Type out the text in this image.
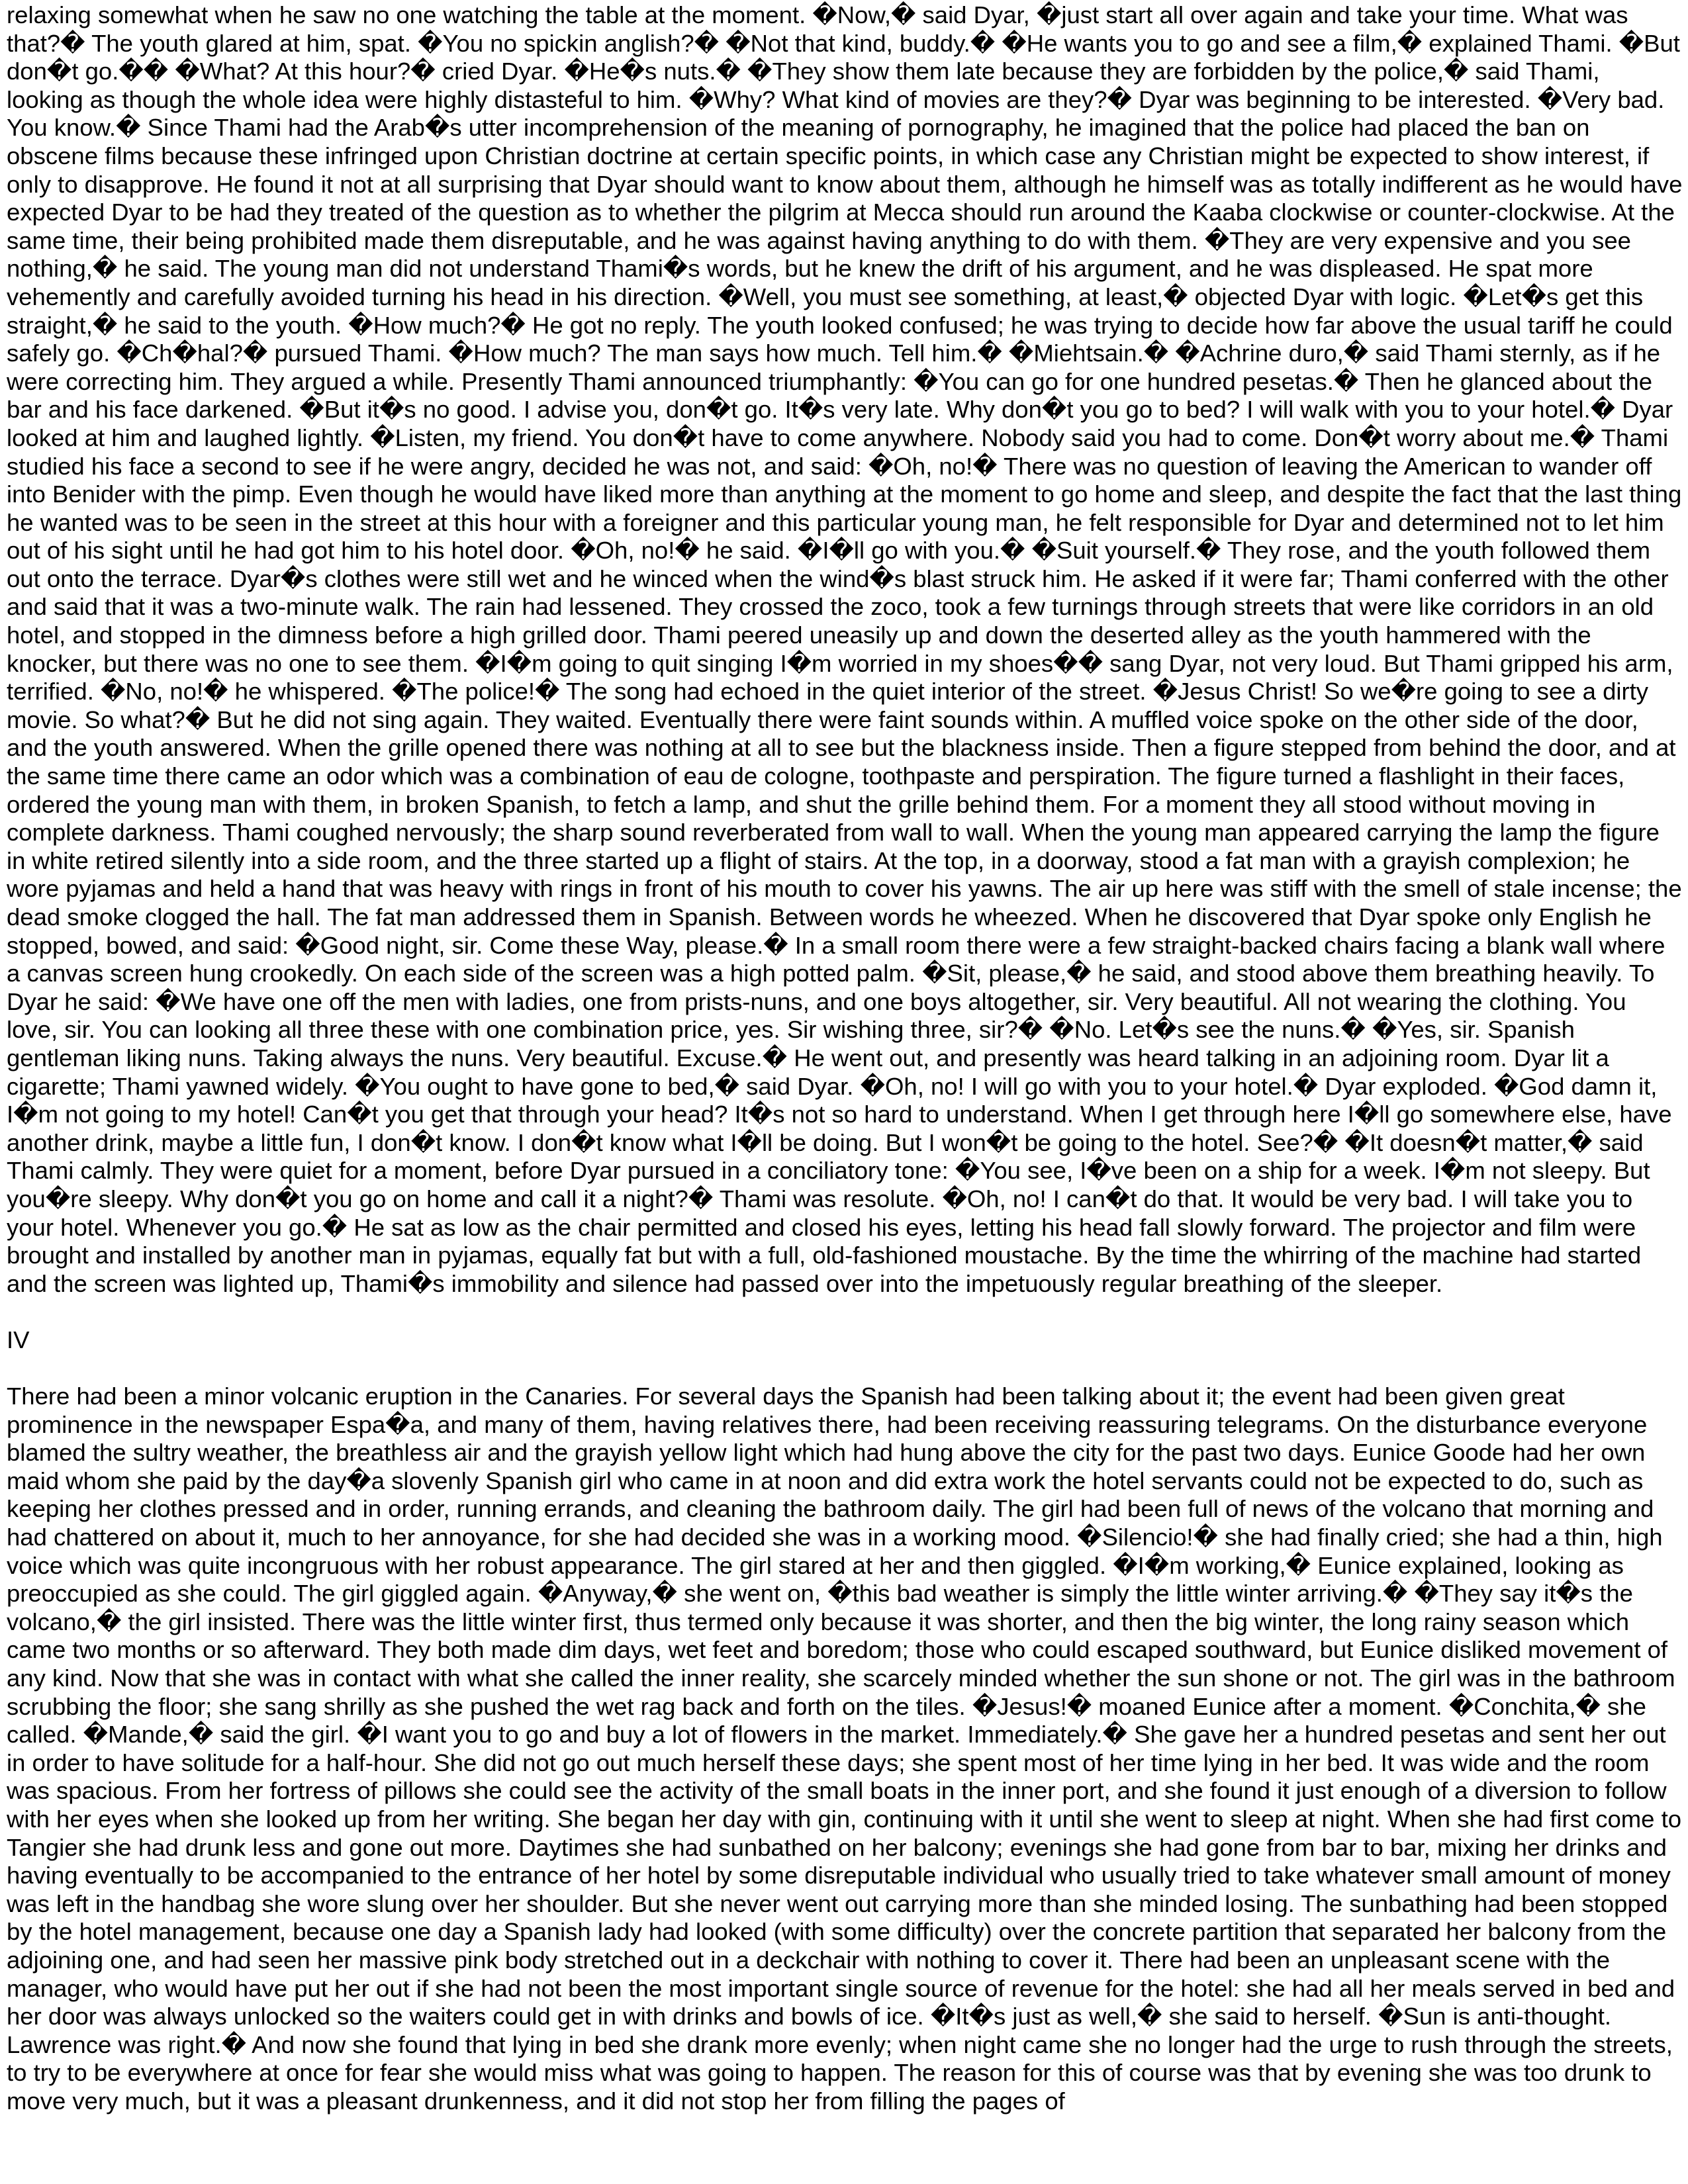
relaxing somewhat when he saw no one watching the table at the moment. �Now,� said Dyar, �just start all over again and take your time. What was that?� The youth glared at him, spat. �You no spickin anglish?� �Not that kind, buddy.� �He wants you to go and see a film,� explained Thami. �But don�t go.�� �What? At this hour?� cried Dyar. �He�s nuts.� �They show them late because they are forbidden by the police,� said Thami, looking as though the whole idea were highly distasteful to him. �Why? What kind of movies are they?� Dyar was beginning to be interested. �Very bad. You know.� Since Thami had the Arab�s utter incomprehension of the meaning of pornography, he imagined that the police had placed the ban on obscene films because these infringed upon Christian doctrine at certain specific points, in which case any Christian might be expected to show interest, if only to disapprove. He found it not at all surprising that Dyar should want to know about them, although he himself was as totally indifferent as he would have expected Dyar to be had they treated of the question as to whether the pilgrim at Mecca should run around the Kaaba clockwise or counter-clockwise. At the same time, their being prohibited made them disreputable, and he was against having anything to do with them. �They are very expensive and you see nothing,� he said. The young man did not understand Thami�s words, but he knew the drift of his argument, and he was displeased. He spat more vehemently and carefully avoided turning his head in his direction. �Well, you must see something, at least,� objected Dyar with logic. �Let�s get this straight,� he said to the youth. �How much?� He got no reply. The youth looked confused; he was trying to decide how far above the usual tariff he could safely go. �Ch�hal?� pursued Thami. �How much? The man says how much. Tell him.� �Miehtsain.� �Achrine duro,� said Thami sternly, as if he were correcting him. They argued a while. Presently Thami announced triumphantly: �You can go for one hundred pesetas.� Then he glanced about the bar and his face darkened. �But it�s no good. I advise you, don�t go. It�s very late. Why don�t you go to bed? I will walk with you to your hotel.� Dyar looked at him and laughed lightly. �Listen, my friend. You don�t have to come anywhere. Nobody said you had to come. Don�t worry about me.� Thami studied his face a second to see if he were angry, decided he was not, and said: �Oh, no!� There was no question of leaving the American to wander off into Benider with the pimp. Even though he would have liked more than anything at the moment to go home and sleep, and despite the fact that the last thing he wanted was to be seen in the street at this hour with a foreigner and this particular young man, he felt responsible for Dyar and determined not to let him out of his sight until he had got him to his hotel door. �Oh, no!� he said. �I�ll go with you.� �Suit yourself.� They rose, and the youth followed them out onto the terrace. Dyar�s clothes were still wet and he winced when the wind�s blast struck him. He asked if it were far; Thami conferred with the other and said that it was a two-minute walk. The rain had lessened. They crossed the zoco, took a few turnings through streets that were like corridors in an old hotel, and stopped in the dimness before a high grilled door. Thami peered uneasily up and down the deserted alley as the youth hammered with the knocker, but there was no one to see them. �I�m going to quit singing I�m worried in my shoes�� sang Dyar, not very loud. But Thami gripped his arm, terrified. �No, no!� he whispered. �The police!� The song had echoed in the quiet interior of the street. �Jesus Christ! So we�re going to see a dirty movie. So what?� But he did not sing again. They waited. Eventually there were faint sounds within. A muffled voice spoke on the other side of the door, and the youth answered. When the grille opened there was nothing at all to see but the blackness inside. Then a figure stepped from behind the door, and at the same time there came an odor which was a combination of eau de cologne, toothpaste and perspiration. The figure turned a flashlight in their faces, ordered the young man with them, in broken Spanish, to fetch a lamp, and shut the grille behind them. For a moment they all stood without moving in complete darkness. Thami coughed nervously; the sharp sound reverberated from wall to wall. When the young man appeared carrying the lamp the figure in white retired silently into a side room, and the three started up a flight of stairs. At the top, in a doorway, stood a fat man with a grayish complexion; he wore pyjamas and held a hand that was heavy with rings in front of his mouth to cover his yawns. The air up here was stiff with the smell of stale incense; the dead smoke clogged the hall. The fat man addressed them in Spanish. Between words he wheezed. When he discovered that Dyar spoke only English he stopped, bowed, and said: �Good night, sir. Come these Way, please.� In a small room there were a few straight-backed chairs facing a blank wall where a canvas screen hung crookedly. On each side of the screen was a high potted palm. �Sit, please,� he said, and stood above them breathing heavily. To Dyar he said: �We have one off the men with ladies, one from prists-nuns, and one boys altogether, sir. Very beautiful. All not wearing the clothing. You love, sir. You can looking all three these with one combination price, yes. Sir wishing three, sir?� �No. Let�s see the nuns.� �Yes, sir. Spanish gentleman liking nuns. Taking always the nuns. Very beautiful. Excuse.� He went out, and presently was heard talking in an adjoining room. Dyar lit a cigarette; Thami yawned widely. �You ought to have gone to bed,� said Dyar. �Oh, no! I will go with you to your hotel.� Dyar exploded. �God damn it, I�m not going to my hotel! Can�t you get that through your head? It�s not so hard to understand. When I get through here I�ll go somewhere else, have another drink, maybe a little fun, I don�t know. I don�t know what I�ll be doing. But I won�t be going to the hotel. See?� �It doesn�t matter,� said Thami calmly. They were quiet for a moment, before Dyar pursued in a conciliatory tone: �You see, I�ve been on a ship for a week. I�m not sleepy. But you�re sleepy. Why don�t you go on home and call it a night?� Thami was resolute. �Oh, no! I can�t do that. It would be very bad. I will take you to your hotel. Whenever you go.� He sat as low as the chair permitted and closed his eyes, letting his head fall slowly forward. The projector and film were brought and installed by another man in pyjamas, equally fat but with a full, old-fashioned moustache. By the time the whirring of the machine had started and the screen was lighted up, Thami�s immobility and silence had passed over into the impetuously regular breathing of the sleeper.

IV

There had been a minor volcanic eruption in the Canaries. For several days the Spanish had been talking about it; the event had been given great prominence in the newspaper Espa�a, and many of them, having relatives there, had been receiving reassuring telegrams. On the disturbance everyone blamed the sultry weather, the breathless air and the grayish yellow light which had hung above the city for the past two days. Eunice Goode had her own maid whom she paid by the day�a slovenly Spanish girl who came in at noon and did extra work the hotel servants could not be expected to do, such as keeping her clothes pressed and in order, running errands, and cleaning the bathroom daily. The girl had been full of news of the volcano that morning and had chattered on about it, much to her annoyance, for she had decided she was in a working mood. �Silencio!� she had finally cried; she had a thin, high voice which was quite incongruous with her robust appearance. The girl stared at her and then giggled. �I�m working,� Eunice explained, looking as preoccupied as she could. The girl giggled again. �Anyway,� she went on, �this bad weather is simply the little winter arriving.� �They say it�s the volcano,� the girl insisted. There was the little winter first, thus termed only because it was shorter, and then the big winter, the long rainy season which came two months or so afterward. They both made dim days, wet feet and boredom; those who could escaped southward, but Eunice disliked movement of any kind. Now that she was in contact with what she called the inner reality, she scarcely minded whether the sun shone or not. The girl was in the bathroom scrubbing the floor; she sang shrilly as she pushed the wet rag back and forth on the tiles. �Jesus!� moaned Eunice after a moment. �Conchita,� she called. �Mande,� said the girl. �I want you to go and buy a lot of flowers in the market. Immediately.� She gave her a hundred pesetas and sent her out in order to have solitude for a half-hour. She did not go out much herself these days; she spent most of her time lying in her bed. It was wide and the room was spacious. From her fortress of pillows she could see the activity of the small boats in the inner port, and she found it just enough of a diversion to follow with her eyes when she looked up from her writing. She began her day with gin, continuing with it until she went to sleep at night. When she had first come to Tangier she had drunk less and gone out more. Daytimes she had sunbathed on her balcony; evenings she had gone from bar to bar, mixing her drinks and having eventually to be accompanied to the entrance of her hotel by some disreputable individual who usually tried to take whatever small amount of money was left in the handbag she wore slung over her shoulder. But she never went out carrying more than she minded losing. The sunbathing had been stopped by the hotel management, because one day a Spanish lady had looked (with some difficulty) over the concrete partition that separated her balcony from the adjoining one, and had seen her massive pink body stretched out in a deckchair with nothing to cover it. There had been an unpleasant scene with the manager, who would have put her out if she had not been the most important single source of revenue for the hotel: she had all her meals served in bed and her door was always unlocked so the waiters could get in with drinks and bowls of ice. �It�s just as well,� she said to herself. �Sun is anti-thought. Lawrence was right.� And now she found that lying in bed she drank more evenly; when night came she no longer had the urge to rush through the streets, to try to be everywhere at once for fear she would miss what was going to happen. The reason for this of course was that by evening she was too drunk to move very much, but it was a pleasant drunkenness, and it did not stop her from filling the pages of
